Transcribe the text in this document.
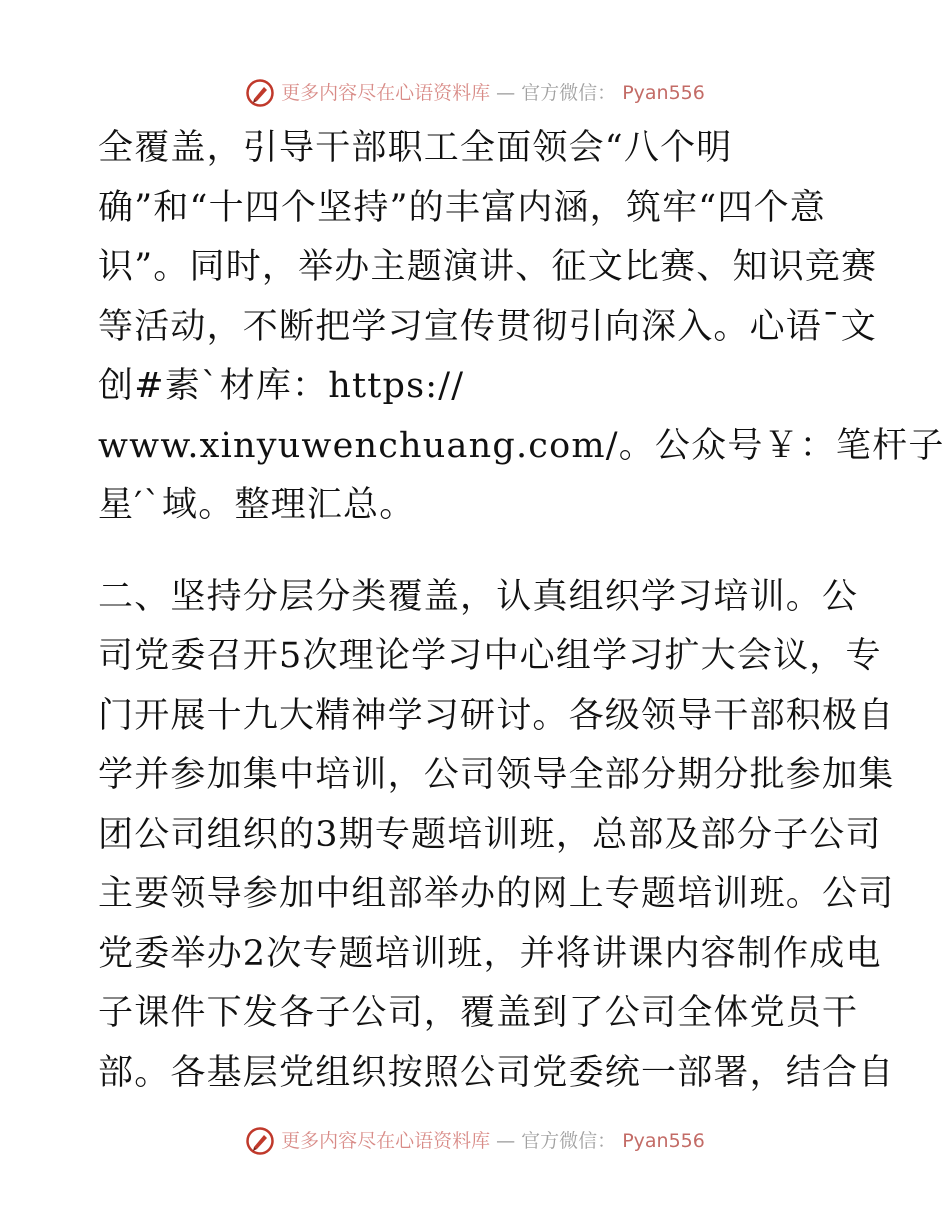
更多内容尽在心语资料库 — 官方微信： Pyan556
全覆盖，引导干部职工全面领会“八个明
确”和“十四个坚持”的丰富内涵，筑牢“四个意
识”。同时，举办主题演讲、征文比赛、知识竞赛
等活动，不断把学习宣传贯彻引向深入。心语¯文
创#素`材库：https://
www.xinyuwenchuang.com/。公众号￥：笔杆子
星′`域。整理汇总。
二、坚持分层分类覆盖，认真组织学习培训。公
司党委召开5次理论学习中心组学习扩大会议，专
门开展十九大精神学习研讨。各级领导干部积极自
学并参加集中培训，公司领导全部分期分批参加集
团公司组织的3期专题培训班，总部及部分子公司
主要领导参加中组部举办的网上专题培训班。公司
党委举办2次专题培训班，并将讲课内容制作成电
子课件下发各子公司，覆盖到了公司全体党员干
部。各基层党组织按照公司党委统一部署，结合自
更多内容尽在心语资料库 — 官方微信： Pyan556
